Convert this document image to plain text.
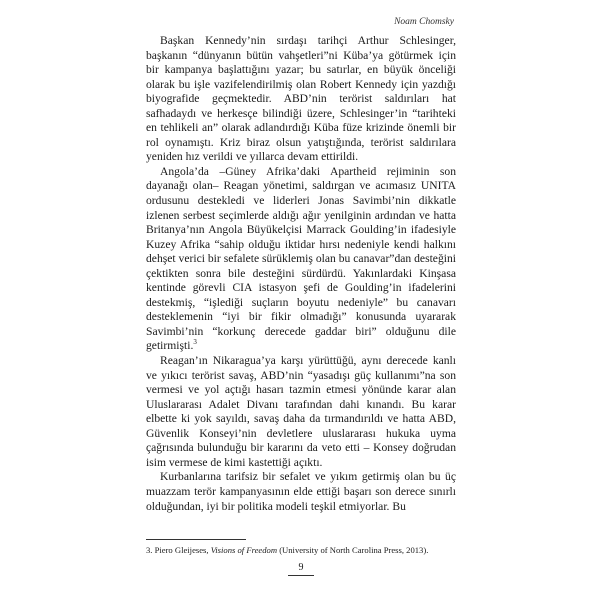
Noam Chomsky

Başkan Kennedy’nin sırdaşı tarihçi Arthur Schlesinger, başkanın “dünyanın bütün vahşetleri”ni Küba’ya götürmek için bir kampanya başlattığını yazar; bu satırlar, en büyük önceliği olarak bu işle vazifelendirilmiş olan Robert Kennedy için yazdığı biyografide geçmektedir. ABD’nin terörist saldırıları hat safhadaydı ve herkesçe bilindiği üzere, Schlesinger’in “tarihteki en tehlikeli an” olarak adlandırdığı Küba füze krizinde önemli bir rol oynamıştı. Kriz biraz olsun yatıştığında, terörist saldırılara yeniden hız verildi ve yıllarca devam ettirildi.

Angola’da –Güney Afrika’daki Apartheid rejiminin son dayanağı olan– Reagan yönetimi, saldırgan ve acımasız UNITA ordusunu destekledi ve liderleri Jonas Savimbi’nin dikkatle izlenen serbest seçimlerde aldığı ağır yenilginin ardından ve hatta Britanya’nın Angola Büyükelçisi Marrack Goulding’in ifadesiyle Kuzey Afrika “sahip olduğu iktidar hırsı nedeniyle kendi halkını dehşet verici bir sefalete sürüklemiş olan bu canavar”dan desteğini çektikten sonra bile desteğini sürdürdü. Yakınlardaki Kinşasa kentinde görevli CIA istasyon şefi de Goulding’in ifadelerini destekmiş, “işlediği suçların boyutu nedeniyle” bu canavarı desteklemenin “iyi bir fikir olmadığı” konusunda uyararak Savimbi’nin “korkunç derecede gaddar biri” olduğunu dile getirmişti.$^3$

Reagan’ın Nikaragua’ya karşı yürüttüğü, aynı derecede kanlı ve yıkıcı terörist savaş, ABD’nin “yasadışı güç kullanımı”na son vermesi ve yol açtığı hasarı tazmin etmesi yönünde karar alan Uluslararası Adalet Divanı tarafından dahi kınandı. Bu karar elbette ki yok sayıldı, savaş daha da tırmandırıldı ve hatta ABD, Güvenlik Konseyi’nin devletlere uluslararası hukuka uyma çağrısında bulunduğu bir kararını da veto etti – Konsey doğrudan isim vermese de kimi kastettiği açıktı.

Kurbanlarına tarifsiz bir sefalet ve yıkım getirmiş olan bu üç muazzam terör kampanyasının elde ettiği başarı son derece sınırlı olduğundan, iyi bir politika modeli teşkil etmiyorlar. Bu

3. Piero Gleijeses, Visions of Freedom (University of North Carolina Press, 2013).
9
